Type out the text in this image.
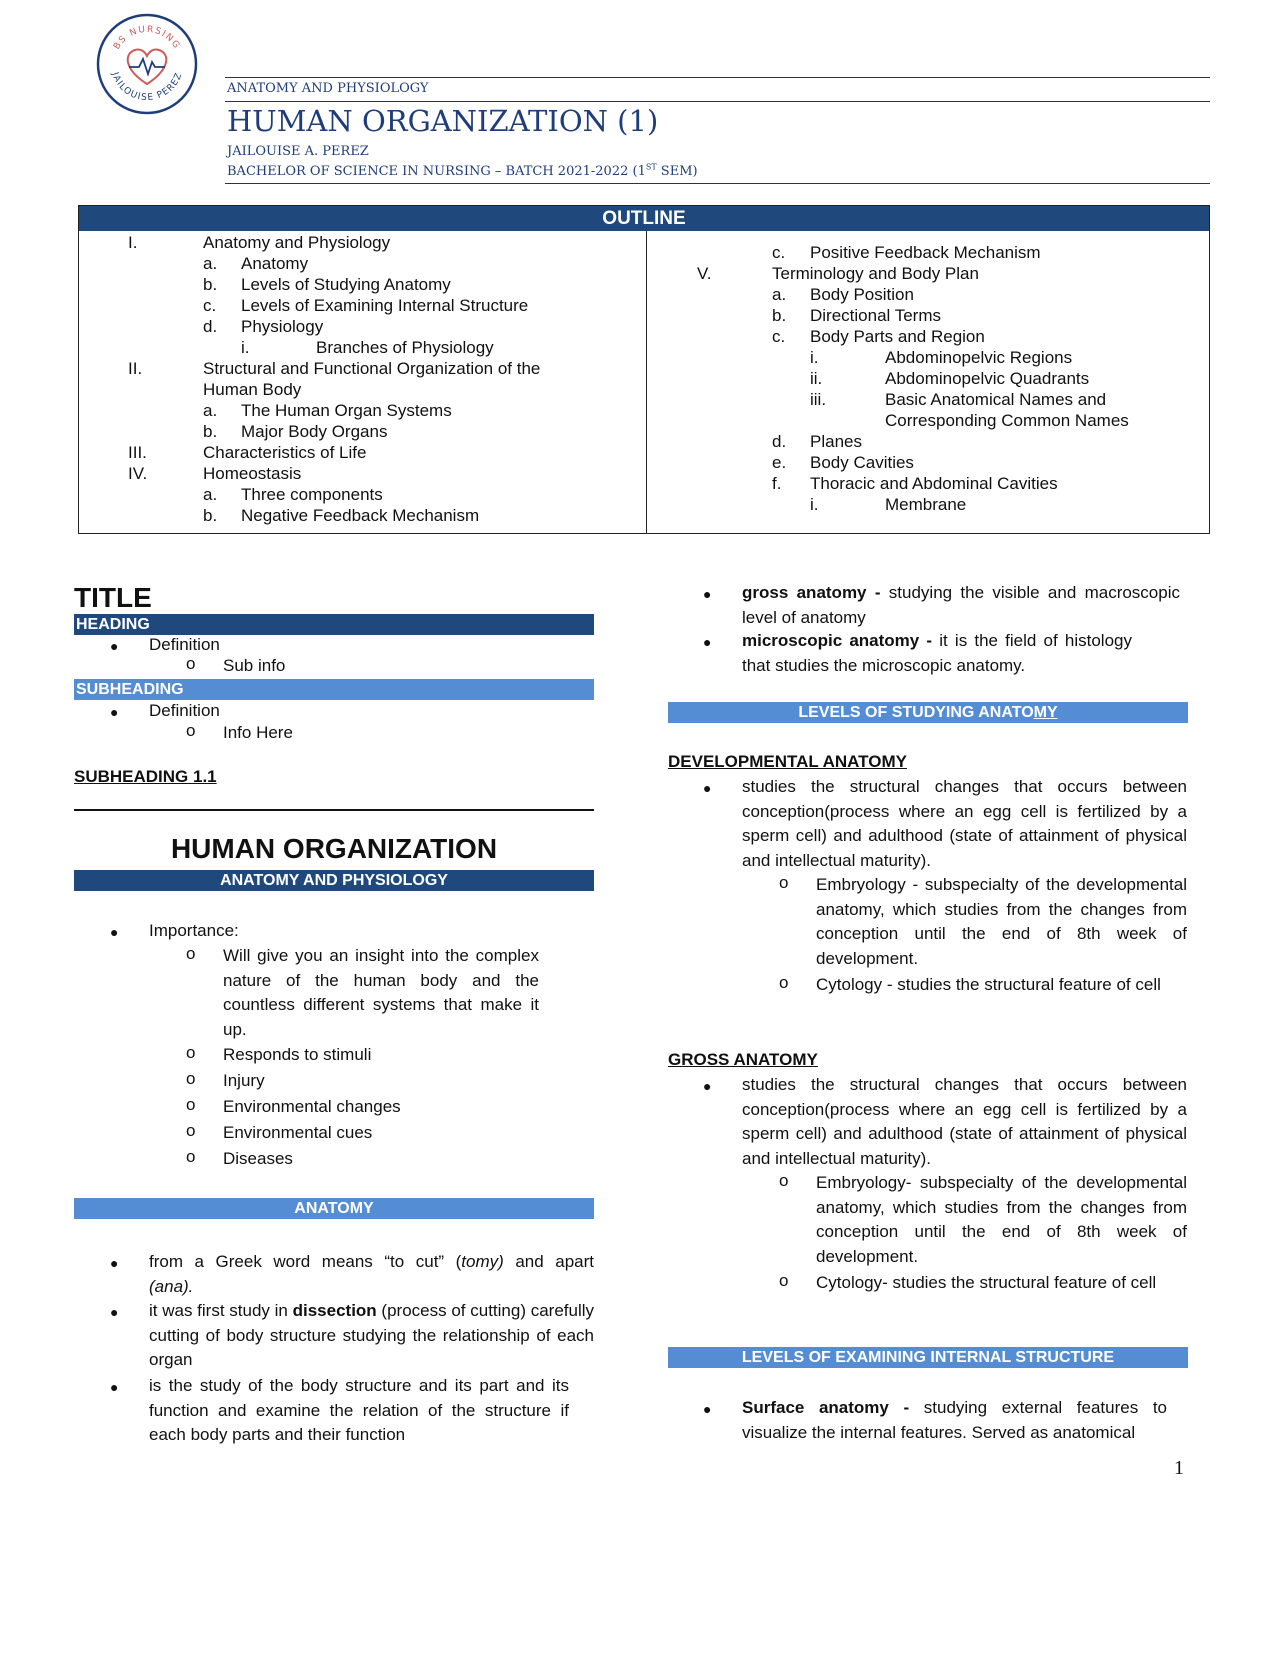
BS NURSING
JAILOUISE PEREZ
ANATOMY AND PHYSIOLOGY
HUMAN ORGANIZATION (1)
JAILOUISE A. PEREZ
BACHELOR OF SCIENCE IN NURSING – BATCH 2021-2022 (1ST SEM)
OUTLINE
I.	Anatomy and Physiology
a. Anatomy
b. Levels of Studying Anatomy
c. Levels of Examining Internal Structure
d. Physiology
i.	Branches of Physiology
II.	Structural and Functional Organization of the
Human Body
a. The Human Organ Systems
b. Major Body Organs
III.	Characteristics of Life
IV.	Homeostasis
a. Three components
b. Negative Feedback Mechanism
c. Positive Feedback Mechanism
V.	Terminology and Body Plan
a. Body Position
b. Directional Terms
c. Body Parts and Region
i.	Abdominopelvic Regions
ii.	Abdominopelvic Quadrants
iii.	Basic Anatomical Names and
Corresponding Common Names
d. Planes
e. Body Cavities
f. Thoracic and Abdominal Cavities
i.	Membrane
TITLE
HEADING
● Definition
o Sub info
SUBHEADING
● Definition
o Info Here
SUBHEADING 1.1
HUMAN ORGANIZATION
ANATOMY AND PHYSIOLOGY
● Importance:
o Will give you an insight into the complex nature of the human body and the countless different systems that make it up.
o Responds to stimuli
o Injury
o Environmental changes
o Environmental cues
o Diseases
ANATOMY
● from a Greek word means “to cut” (tomy) and apart
(ana).
● it was first study in dissection (process of cutting) carefully cutting of body structure studying the relationship of each organ
● is the study of the body structure and its part and its function and examine the relation of the structure if each body parts and their function
● gross anatomy - studying the visible and macroscopic level of anatomy
● microscopic anatomy - it is the field of histology that studies the microscopic anatomy.
LEVELS OF STUDYING ANATOMY
DEVELOPMENTAL ANATOMY
● studies the structural changes that occurs between conception(process where an egg cell is fertilized by a sperm cell) and adulthood (state of attainment of physical and intellectual maturity).
o Embryology - subspecialty of the developmental anatomy, which studies from the changes from conception until the end of 8th week of development.
o Cytology - studies the structural feature of cell
GROSS ANATOMY
● studies the structural changes that occurs between conception(process where an egg cell is fertilized by a sperm cell) and adulthood (state of attainment of physical and intellectual maturity).
o Embryology- subspecialty of the developmental anatomy, which studies from the changes from conception until the end of 8th week of development.
o Cytology- studies the structural feature of cell
LEVELS OF EXAMINING INTERNAL STRUCTURE
● Surface anatomy - studying external features to visualize the internal features. Served as anatomical
1
